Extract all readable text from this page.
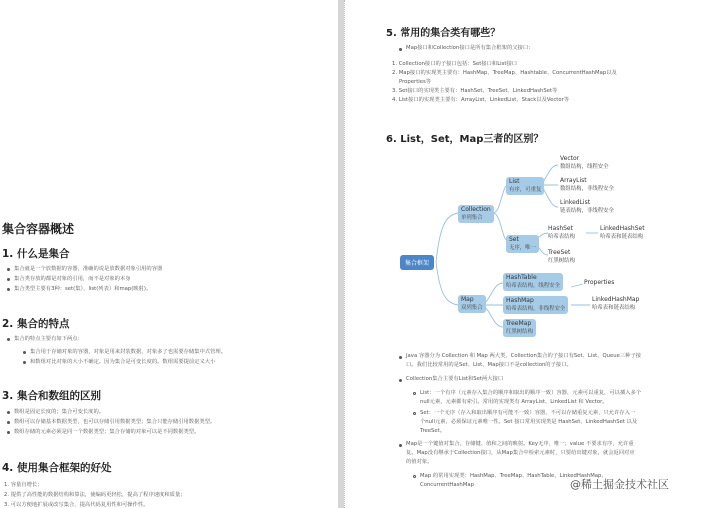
集合容器概述
1. 什么是集合
集合就是一个放数据的容器，准确的说是放数据对象引用的容器
集合类存放的都是对象的引用，而不是对象的本身
集合类型主要有3种：set(集）、list(列表）和map(映射)。
2. 集合的特点
集合的特点主要有如下两点：
集合用于存储对象的容器，对象是用来封装数据，对象多了也需要存储集中式管理。
和数组对比对象的大小不确定。因为集合是可变长度的。数组需要提前定义大小
3. 集合和数组的区别
数组是固定长度的；集合可变长度的。
数组可以存储基本数据类型，也可以存储引用数据类型；集合只能存储引用数据类型。
数组存储的元素必须是同一个数据类型；集合存储的对象可以是不同数据类型。
4. 使用集合框架的好处
1. 容量自增长；
2. 提供了高性能的数据结构和算法，使编码更轻松，提高了程序速度和质量；
3. 可以方便地扩展或改写集合，提高代码复用性和可操作性。
5. 常用的集合类有哪些？
Map接口和Collection接口是所有集合框架的父接口：
1. Collection接口的子接口包括：Set接口和List接口
2. Map接口的实现类主要有：HashMap、TreeMap、Hashtable、ConcurrentHashMap以及
Properties等
3. Set接口的实现类主要有：HashSet、TreeSet、LinkedHashSet等
4. List接口的实现类主要有：ArrayList、LinkedList、Stack以及Vector等
6. List，Set，Map三者的区别？
集合框架
Collection
单列集合
Map
双列集合
List
有序，可重复
Set
无序，唯一
Vector
数组结构，线程安全
ArrayList
数组结构，非线程安全
LinkedList
链表结构，非线程安全
HashSet
哈希表结构
LinkedHashSet
哈希表和链表结构
TreeSet
红黑树结构
HashTable
哈希表结构，线程安全	Properties
HashMap
哈希表结构，非线程安全
LinkedHashMap
哈希表和链表结构
TreeMap
红黑树结构
Java 容器分为 Collection 和 Map 两大类，Collection集合的子接口有Set、List、Queue三种子接
口。我们比较常用的是Set、List，Map接口不是collection的子接口。
Collection集合主要有List和Set两大接口
List：一个有序（元素存入集合的顺序和取出的顺序一致）容器，元素可以重复，可以插入多个
null元素，元素都有索引。常用的实现类有 ArrayList、LinkedList 和 Vector。
Set：一个无序（存入和取出顺序有可能不一致）容器，不可以存储重复元素，只允许存入一
个null元素，必须保证元素唯一性。Set 接口常用实现类是 HashSet、LinkedHashSet 以及
TreeSet。
Map是一个键值对集合，存储键、值和之间的映射。Key无序，唯一；value 不要求有序，允许重
复。Map没有继承于Collection接口，从Map集合中检索元素时，只要给出键对象，就会返回对应
的值对象。
Map 的常用实现类：HashMap、TreeMap、HashTable、LinkedHashMap、
ConcurrentHashMap	@稀土掘金技术社区
